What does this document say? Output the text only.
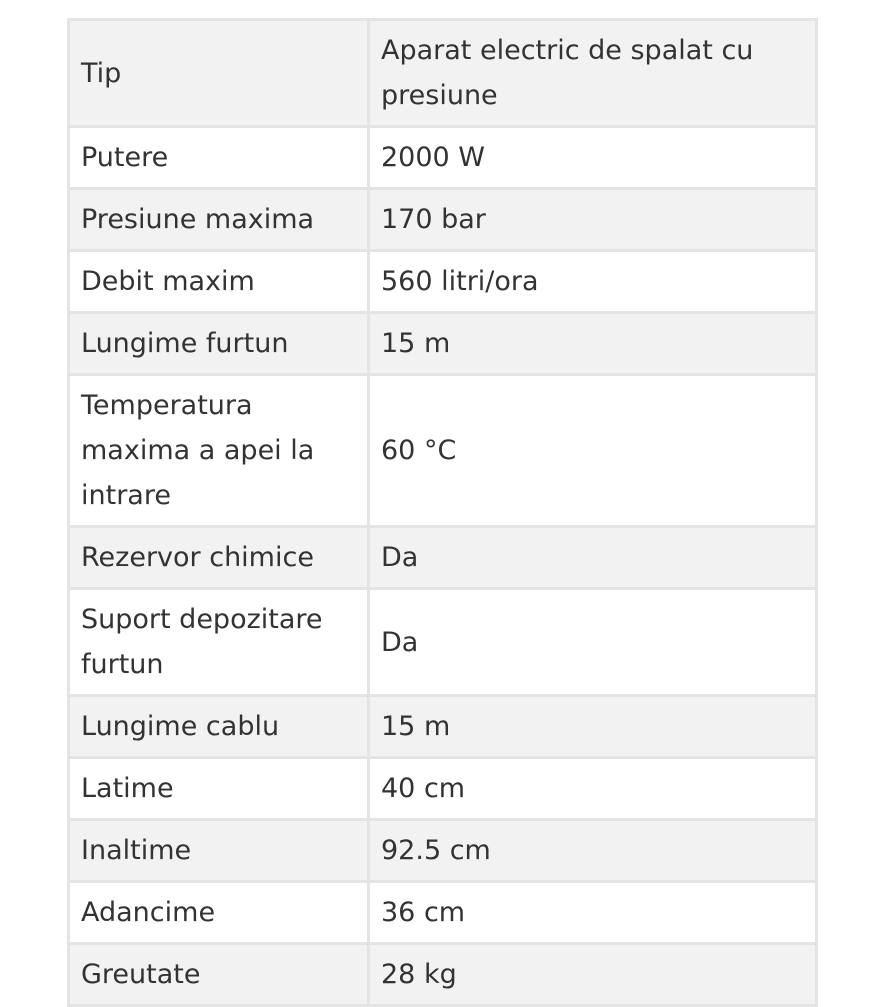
Tip	Aparat electric de spalat cu presiune
Putere	2000 W
Presiune maxima	170 bar
Debit maxim	560 litri/ora
Lungime furtun	15 m
Temperatura maxima a apei la intrare	60 °C
Rezervor chimice	Da
Suport depozitare furtun	Da
Lungime cablu	15 m
Latime	40 cm
Inaltime	92.5 cm
Adancime	36 cm
Greutate	28 kg
